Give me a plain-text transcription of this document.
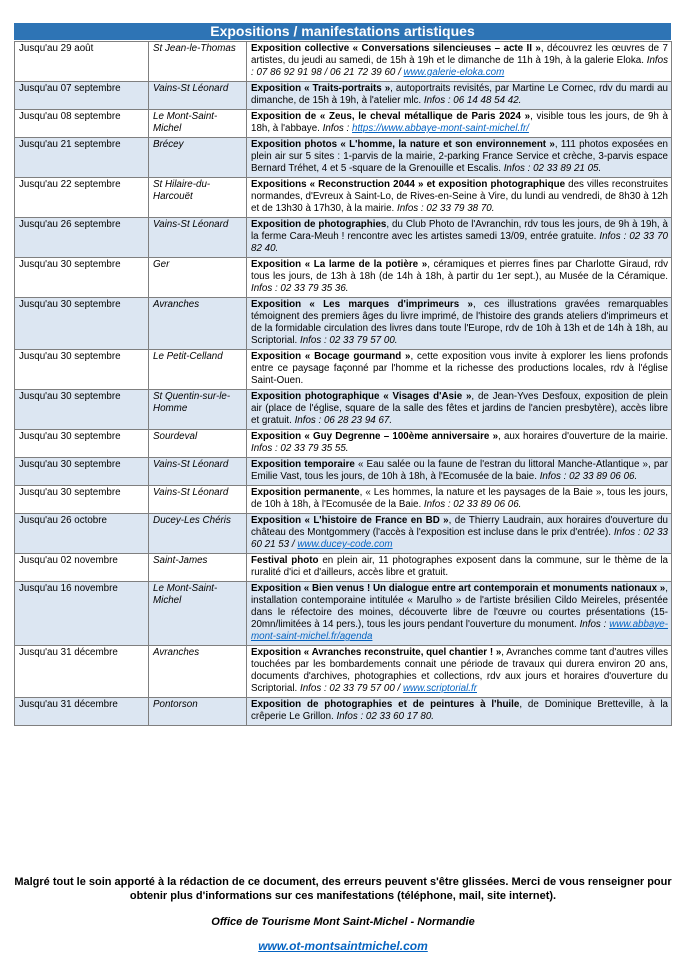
Expositions / manifestations artistiques
Jusqu'au 29 août	St Jean-le-Thomas	Exposition collective « Conversations silencieuses – acte II », découvrez les œuvres de 7 artistes, du jeudi au samedi, de 15h à 19h et le dimanche de 11h à 19h, à la galerie Eloka. Infos : 07 86 92 91 98 / 06 21 72 39 60 / www.galerie-eloka.com
Jusqu'au 07 septembre	Vains-St Léonard	Exposition « Traits-portraits », autoportraits revisités, par Martine Le Cornec, rdv du mardi au dimanche, de 15h à 19h, à l'atelier mlc. Infos : 06 14 48 54 42.
Jusqu'au 08 septembre	Le Mont-Saint-Michel	Exposition de « Zeus, le cheval métallique de Paris 2024 », visible tous les jours, de 9h à 18h, à l'abbaye. Infos : https://www.abbaye-mont-saint-michel.fr/
Jusqu'au 21 septembre	Brécey	Exposition photos « L'homme, la nature et son environnement », 111 photos exposées en plein air sur 5 sites : 1-parvis de la mairie, 2-parking France Service et crèche, 3-parvis espace Bernard Tréhet, 4 et 5 -square de la Grenouille et Escalis. Infos : 02 33 89 21 05.
Jusqu'au 22 septembre	St Hilaire-du-Harcouët	Expositions « Reconstruction 2044 » et exposition photographique des villes reconstruites normandes, d'Evreux à Saint-Lo, de Rives-en-Seine à Vire, du lundi au vendredi, de 8h30 à 12h et de 13h30 à 17h30, à la mairie. Infos : 02 33 79 38 70.
Jusqu'au 26 septembre	Vains-St Léonard	Exposition de photographies, du Club Photo de l'Avranchin, rdv tous les jours, de 9h à 19h, à la ferme Cara-Meuh ! rencontre avec les artistes samedi 13/09, entrée gratuite. Infos : 02 33 70 82 40.
Jusqu'au 30 septembre	Ger	Exposition « La larme de la potière », céramiques et pierres fines par Charlotte Giraud, rdv tous les jours, de 13h à 18h (de 14h à 18h, à partir du 1er sept.), au Musée de la Céramique. Infos : 02 33 79 35 36.
Jusqu'au 30 septembre	Avranches	Exposition « Les marques d'imprimeurs », ces illustrations gravées remarquables témoignent des premiers âges du livre imprimé, de l'histoire des grands ateliers d'imprimeurs et de la formidable circulation des livres dans toute l'Europe, rdv de 10h à 13h et de 14h à 18h, au Scriptorial. Infos : 02 33 79 57 00.
Jusqu'au 30 septembre	Le Petit-Celland	Exposition « Bocage gourmand », cette exposition vous invite à explorer les liens profonds entre ce paysage façonné par l'homme et la richesse des productions locales, rdv à l'église Saint-Ouen.
Jusqu'au 30 septembre	St Quentin-sur-le-Homme	Exposition photographique « Visages d'Asie », de Jean-Yves Desfoux, exposition de plein air (place de l'église, square de la salle des fêtes et jardins de l'ancien presbytère), accès libre et gratuit. Infos : 06 28 23 94 67.
Jusqu'au 30 septembre	Sourdeval	Exposition « Guy Degrenne – 100ème anniversaire », aux horaires d'ouverture de la mairie. Infos : 02 33 79 35 55.
Jusqu'au 30 septembre	Vains-St Léonard	Exposition temporaire « Eau salée ou la faune de l'estran du littoral Manche-Atlantique », par Emilie Vast, tous les jours, de 10h à 18h, à l'Ecomusée de la baie. Infos : 02 33 89 06 06.
Jusqu'au 30 septembre	Vains-St Léonard	Exposition permanente, « Les hommes, la nature et les paysages de la Baie », tous les jours, de 10h à 18h, à l'Ecomusée de la Baie. Infos : 02 33 89 06 06.
Jusqu'au 26 octobre	Ducey-Les Chéris	Exposition « L'histoire de France en BD », de Thierry Laudrain, aux horaires d'ouverture du château des Montgommery (l'accès à l'exposition est incluse dans le prix d'entrée). Infos : 02 33 60 21 53 / www.ducey-code.com
Jusqu'au 02 novembre	Saint-James	Festival photo en plein air, 11 photographes exposent dans la commune, sur le thème de la ruralité d'ici et d'ailleurs, accès libre et gratuit.
Jusqu'au 16 novembre	Le Mont-Saint-Michel	Exposition « Bien venus ! Un dialogue entre art contemporain et monuments nationaux », installation contemporaine intitulée « Marulho » de l'artiste brésilien Cildo Meireles, présentée dans le réfectoire des moines, découverte libre de l'œuvre ou courtes présentations (15-20mn/limitées à 14 pers.), tous les jours pendant l'ouverture du monument. Infos : www.abbaye-mont-saint-michel.fr/agenda
Jusqu'au 31 décembre	Avranches	Exposition « Avranches reconstruite, quel chantier ! », Avranches comme tant d'autres villes touchées par les bombardements connait une période de travaux qui durera environ 20 ans, documents d'archives, photographies et collections, rdv aux jours et horaires d'ouverture du Scriptorial. Infos : 02 33 79 57 00 / www.scriptorial.fr
Jusqu'au 31 décembre	Pontorson	Exposition de photographies et de peintures à l'huile, de Dominique Bretteville, à la crêperie Le Grillon. Infos : 02 33 60 17 80.
Malgré tout le soin apporté à la rédaction de ce document, des erreurs peuvent s'être glissées. Merci de vous renseigner pour obtenir plus d'informations sur ces manifestations (téléphone, mail, site internet).
Office de Tourisme Mont Saint-Michel - Normandie
www.ot-montsaintmichel.com
